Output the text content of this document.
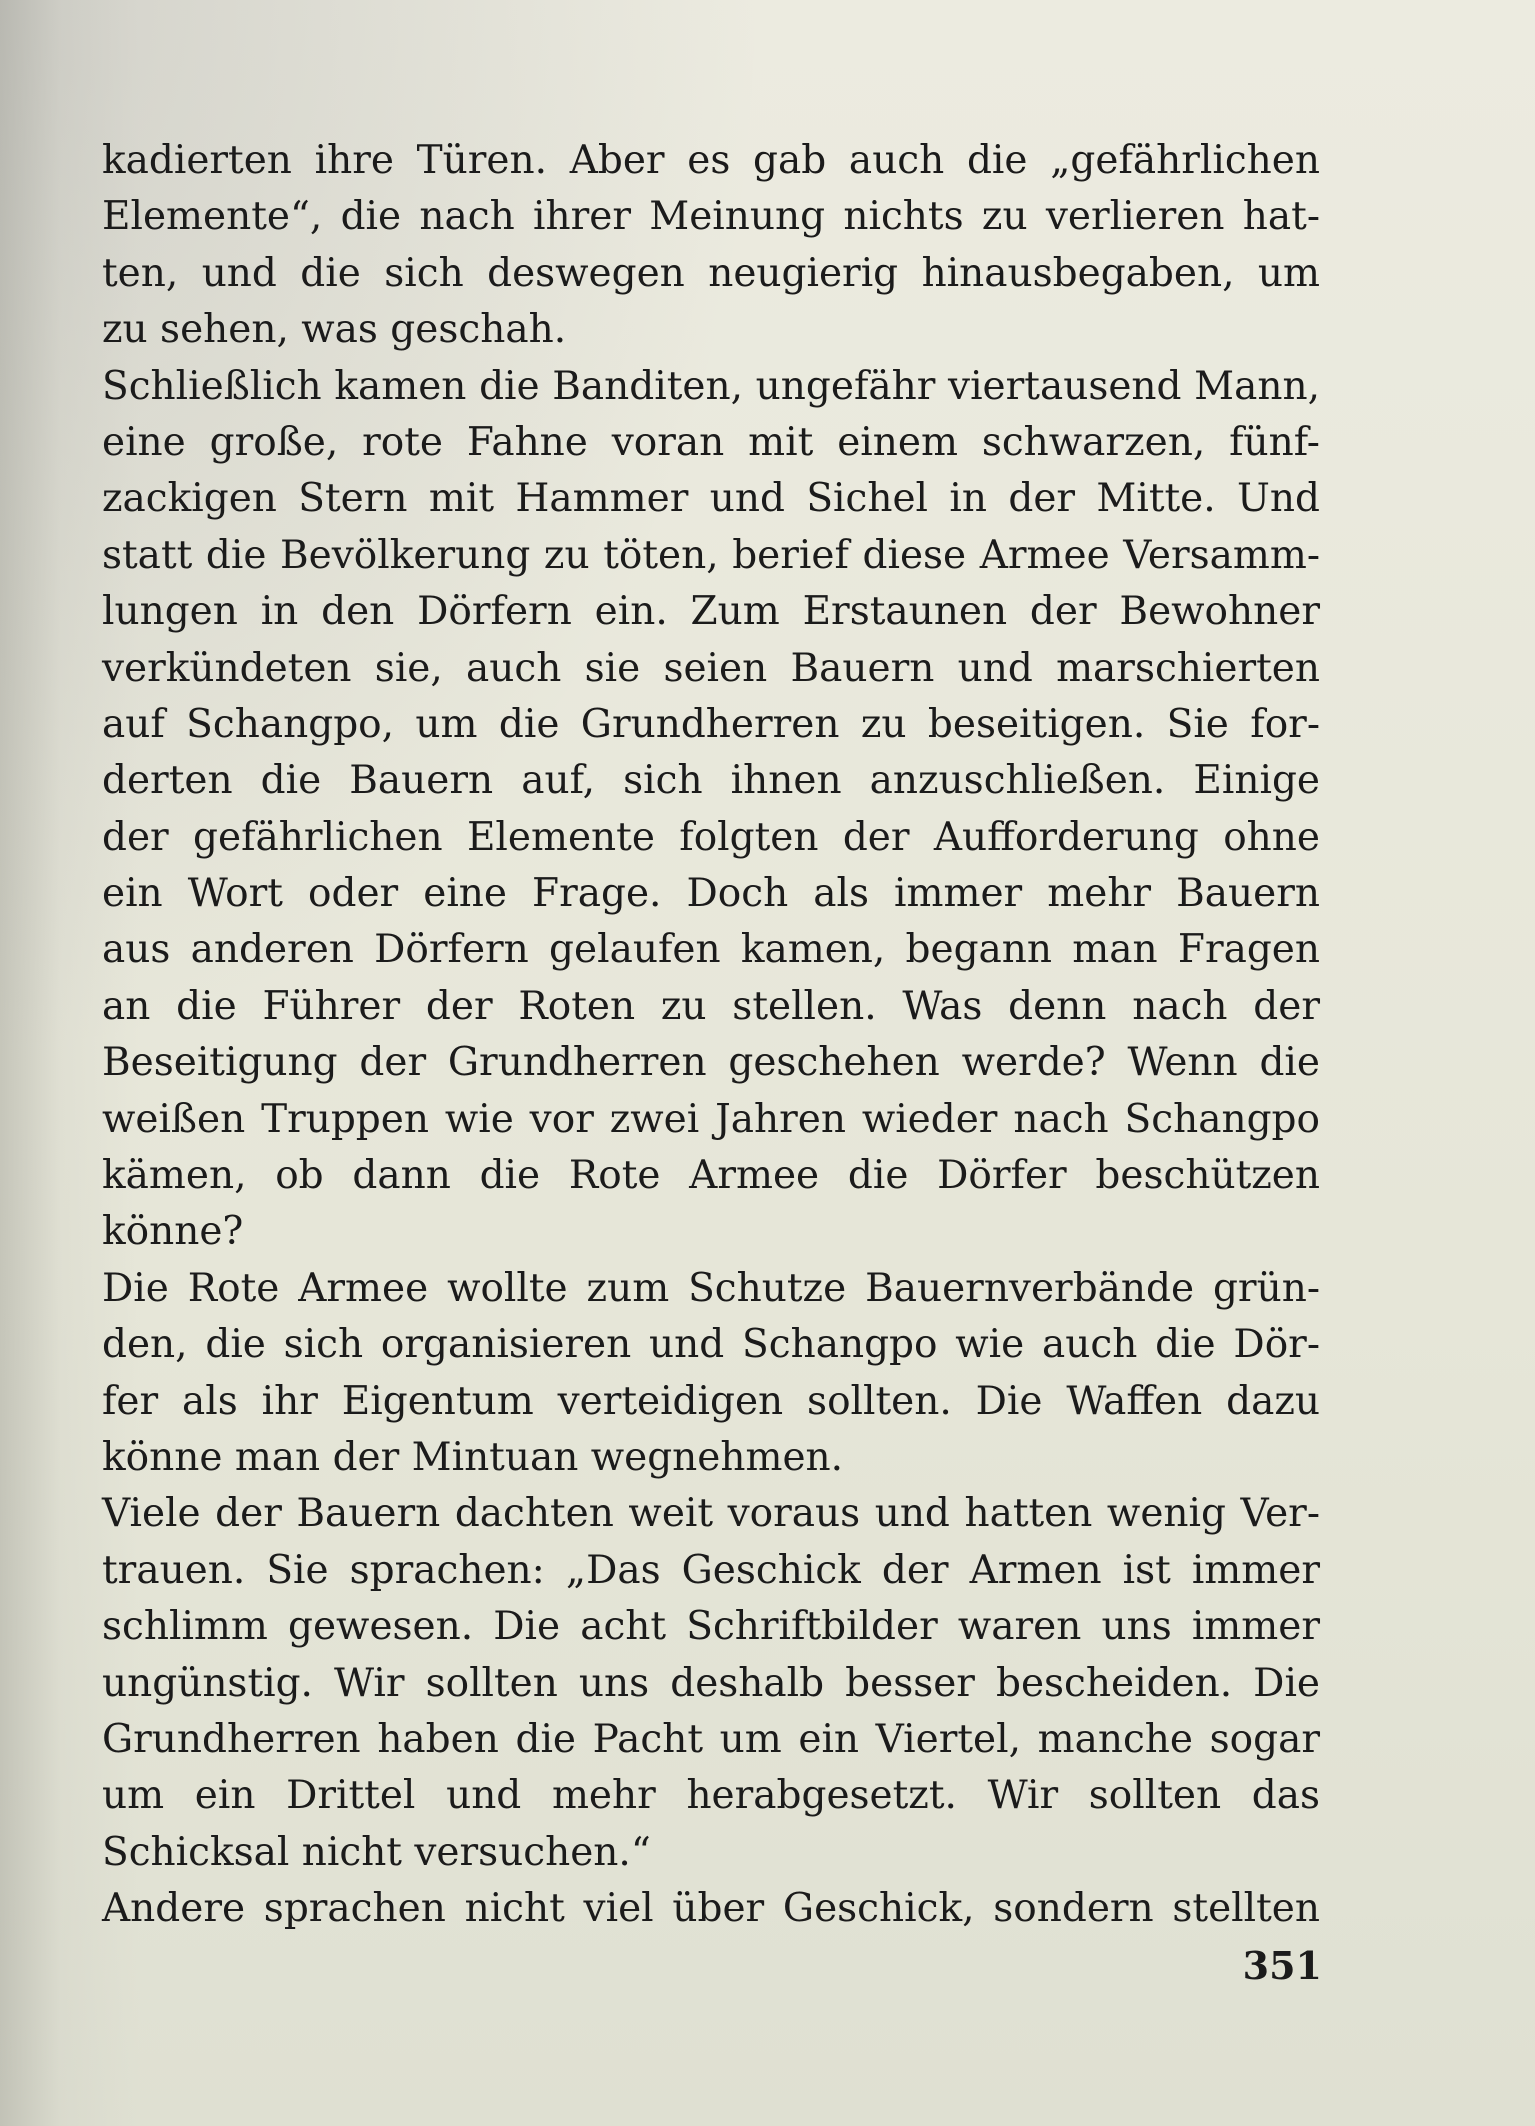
kadierten ihre Türen. Aber es gab auch die „gefährlichen
Elemente“, die nach ihrer Meinung nichts zu verlieren hat-
ten, und die sich deswegen neugierig hinausbegaben, um
zu sehen, was geschah.
Schließlich kamen die Banditen, ungefähr viertausend Mann,
eine große, rote Fahne voran mit einem schwarzen, fünf-
zackigen Stern mit Hammer und Sichel in der Mitte. Und
statt die Bevölkerung zu töten, berief diese Armee Versamm-
lungen in den Dörfern ein. Zum Erstaunen der Bewohner
verkündeten sie, auch sie seien Bauern und marschierten
auf Schangpo, um die Grundherren zu beseitigen. Sie for-
derten die Bauern auf, sich ihnen anzuschließen. Einige
der gefährlichen Elemente folgten der Aufforderung ohne
ein Wort oder eine Frage. Doch als immer mehr Bauern
aus anderen Dörfern gelaufen kamen, begann man Fragen
an die Führer der Roten zu stellen. Was denn nach der
Beseitigung der Grundherren geschehen werde? Wenn die
weißen Truppen wie vor zwei Jahren wieder nach Schangpo
kämen, ob dann die Rote Armee die Dörfer beschützen
könne?
Die Rote Armee wollte zum Schutze Bauernverbände grün-
den, die sich organisieren und Schangpo wie auch die Dör-
fer als ihr Eigentum verteidigen sollten. Die Waffen dazu
könne man der Mintuan wegnehmen.
Viele der Bauern dachten weit voraus und hatten wenig Ver-
trauen. Sie sprachen: „Das Geschick der Armen ist immer
schlimm gewesen. Die acht Schriftbilder waren uns immer
ungünstig. Wir sollten uns deshalb besser bescheiden. Die
Grundherren haben die Pacht um ein Viertel, manche sogar
um ein Drittel und mehr herabgesetzt. Wir sollten das
Schicksal nicht versuchen.“
Andere sprachen nicht viel über Geschick, sondern stellten
351
